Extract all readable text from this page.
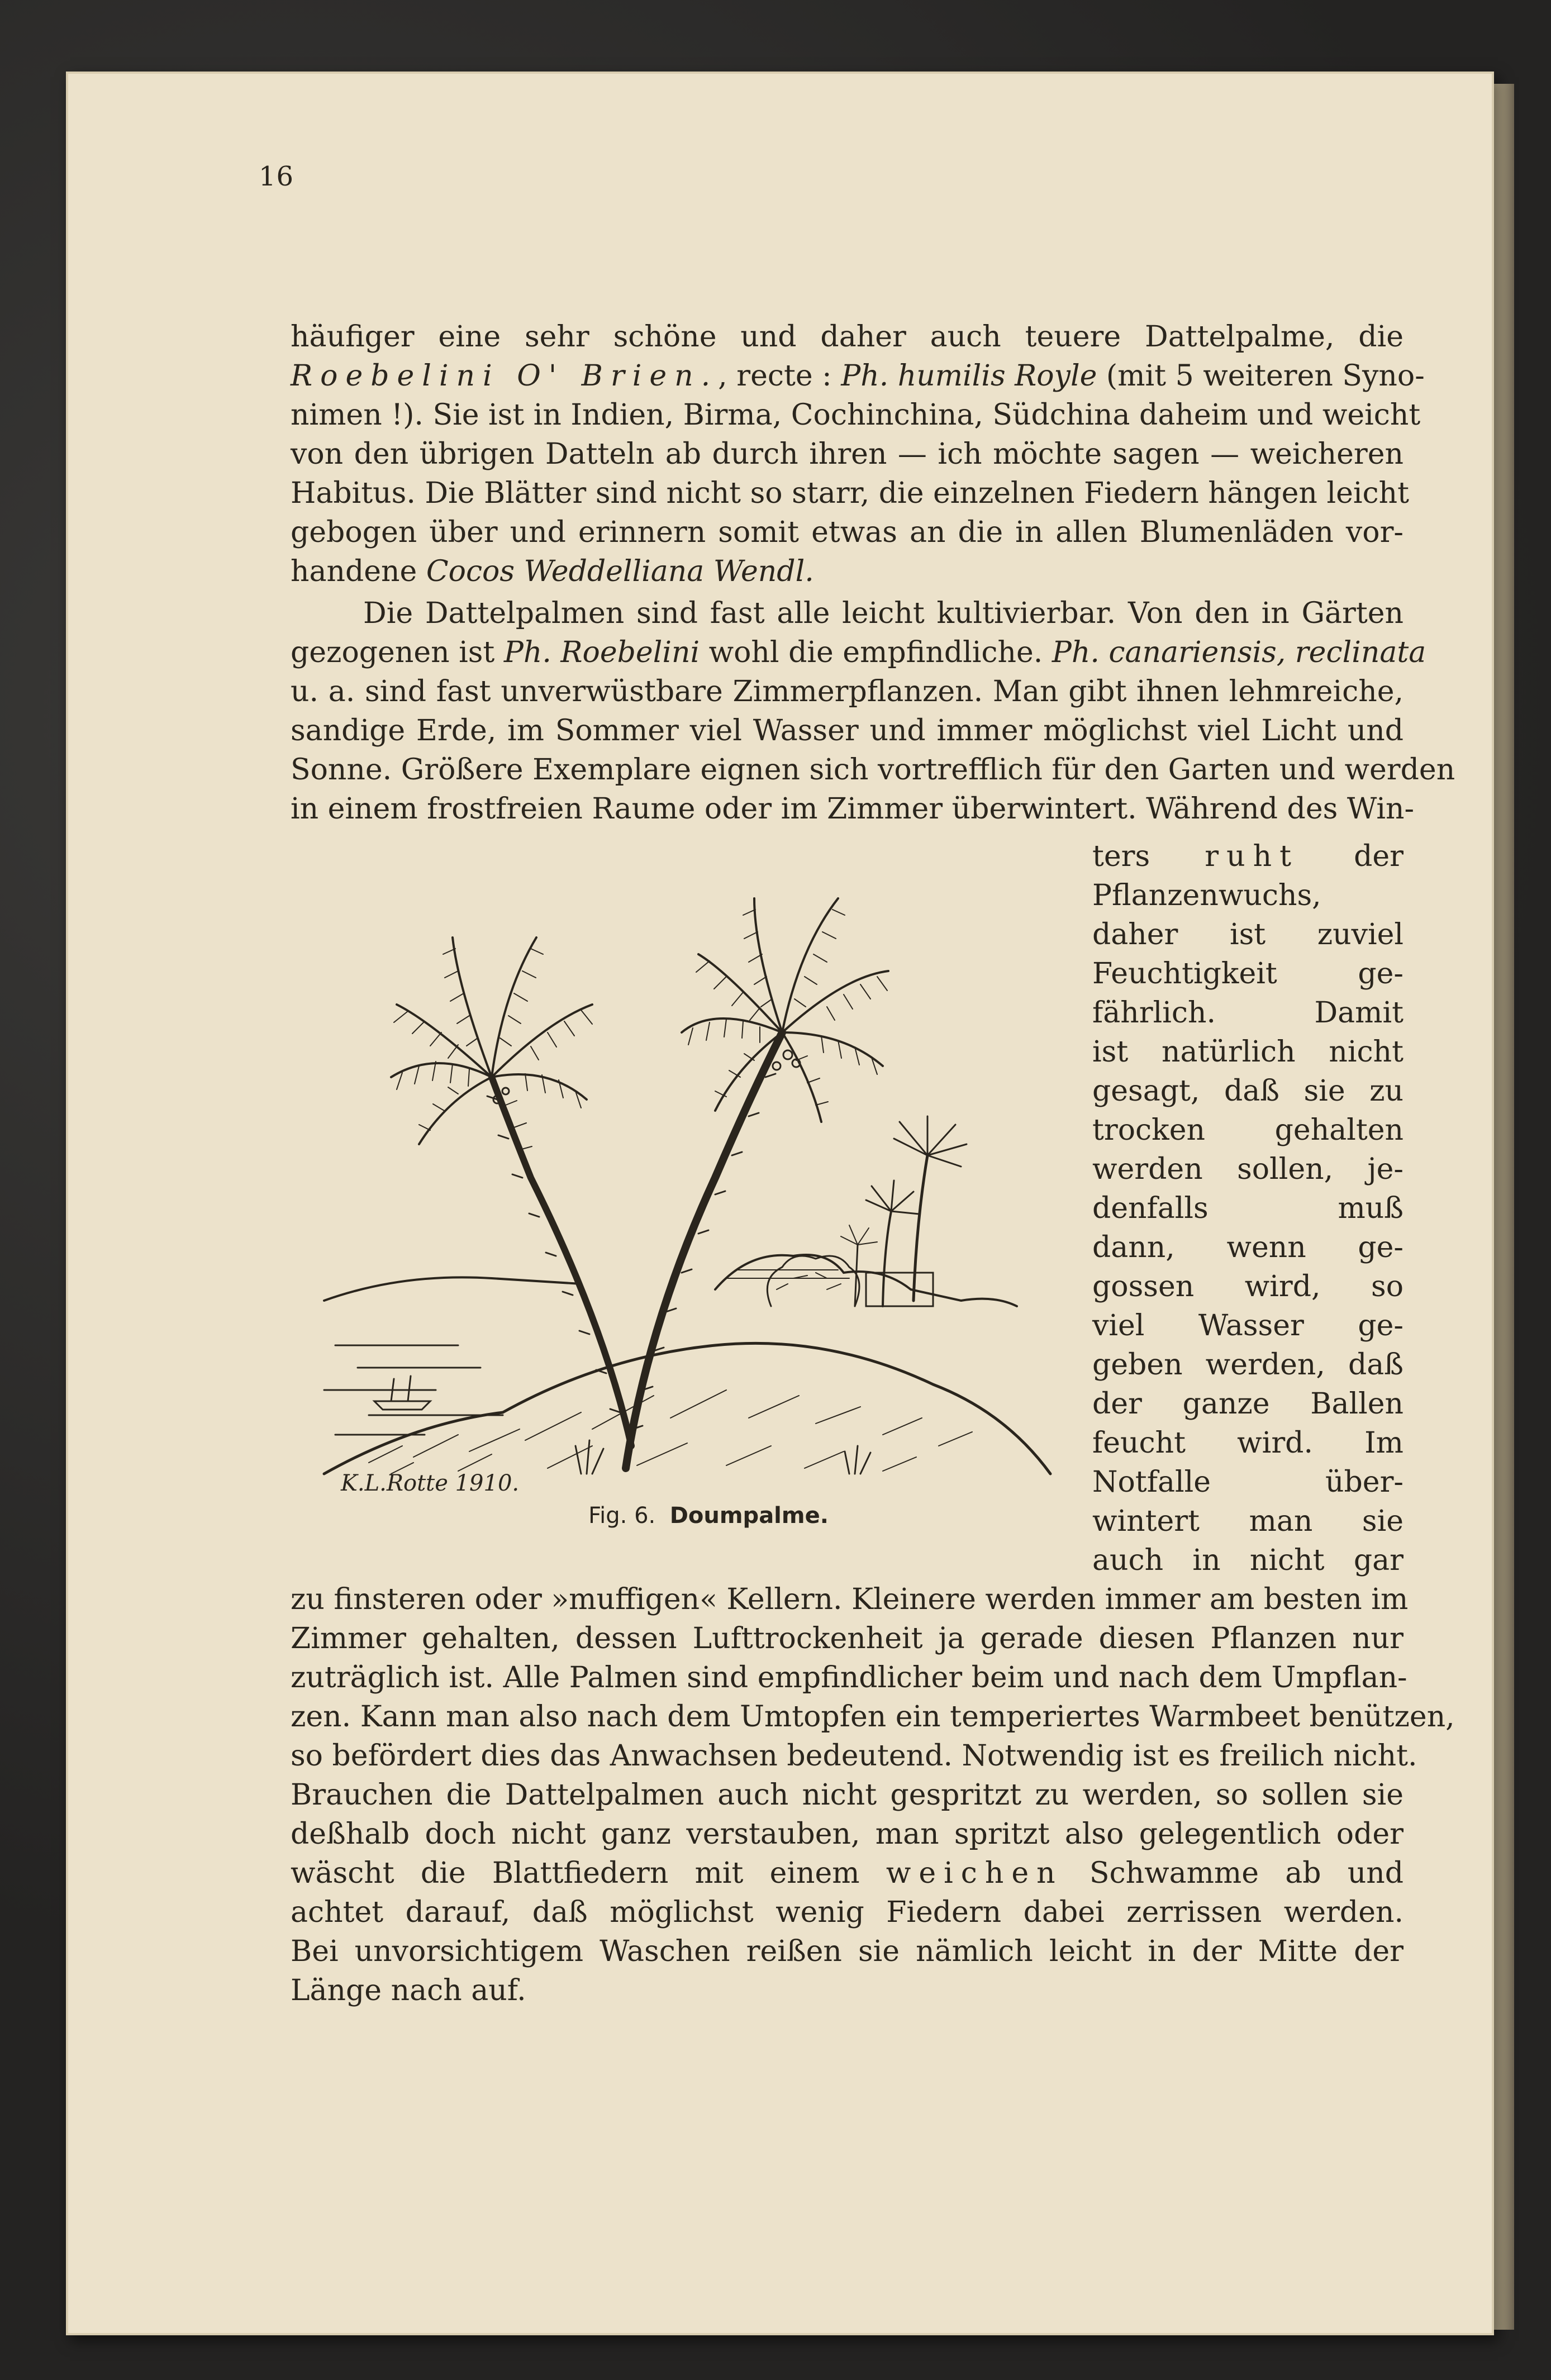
16
häufiger eine sehr schöne und daher auch teuere Dattelpalme, die
Roebelini O' Brien., recte : Ph. humilis Royle (mit 5 weiteren Syno-
nimen !). Sie ist in Indien, Birma, Cochinchina, Südchina daheim und weicht
von den übrigen Datteln ab durch ihren — ich möchte sagen — weicheren
Habitus. Die Blätter sind nicht so starr, die einzelnen Fiedern hängen leicht
gebogen über und erinnern somit etwas an die in allen Blumenläden vor-
handene Cocos Weddelliana Wendl.
Die Dattelpalmen sind fast alle leicht kultivierbar. Von den in Gärten
gezogenen ist Ph. Roebelini wohl die empfindliche. Ph. canariensis, reclinata
u. a. sind fast unverwüstbare Zimmerpflanzen. Man gibt ihnen lehmreiche,
sandige Erde, im Sommer viel Wasser und immer möglichst viel Licht und
Sonne. Größere Exemplare eignen sich vortrefflich für den Garten und werden
in einem frostfreien Raume oder im Zimmer überwintert. Während des Win-
ters ruht der
Pflanzenwuchs,
daher ist zuviel
Feuchtigkeit ge-
fährlich. Damit
ist natürlich nicht
gesagt, daß sie zu
trocken gehalten
werden sollen, je-
denfalls muß
dann, wenn ge-
gossen wird, so
viel Wasser ge-
geben werden, daß
der ganze Ballen
feucht wird. Im
Notfalle über-
wintert man sie
auch in nicht gar
K.L.Rotte 1910.
Fig. 6. Doumpalme.
zu finsteren oder »muffigen« Kellern. Kleinere werden immer am besten im
Zimmer gehalten, dessen Lufttrockenheit ja gerade diesen Pflanzen nur
zuträglich ist. Alle Palmen sind empfindlicher beim und nach dem Umpflan-
zen. Kann man also nach dem Umtopfen ein temperiertes Warmbeet benützen,
so befördert dies das Anwachsen bedeutend. Notwendig ist es freilich nicht.
Brauchen die Dattelpalmen auch nicht gespritzt zu werden, so sollen sie
deßhalb doch nicht ganz verstauben, man spritzt also gelegentlich oder
wäscht die Blattfiedern mit einem weichen Schwamme ab und
achtet darauf, daß möglichst wenig Fiedern dabei zerrissen werden.
Bei unvorsichtigem Waschen reißen sie nämlich leicht in der Mitte der
Länge nach auf.
